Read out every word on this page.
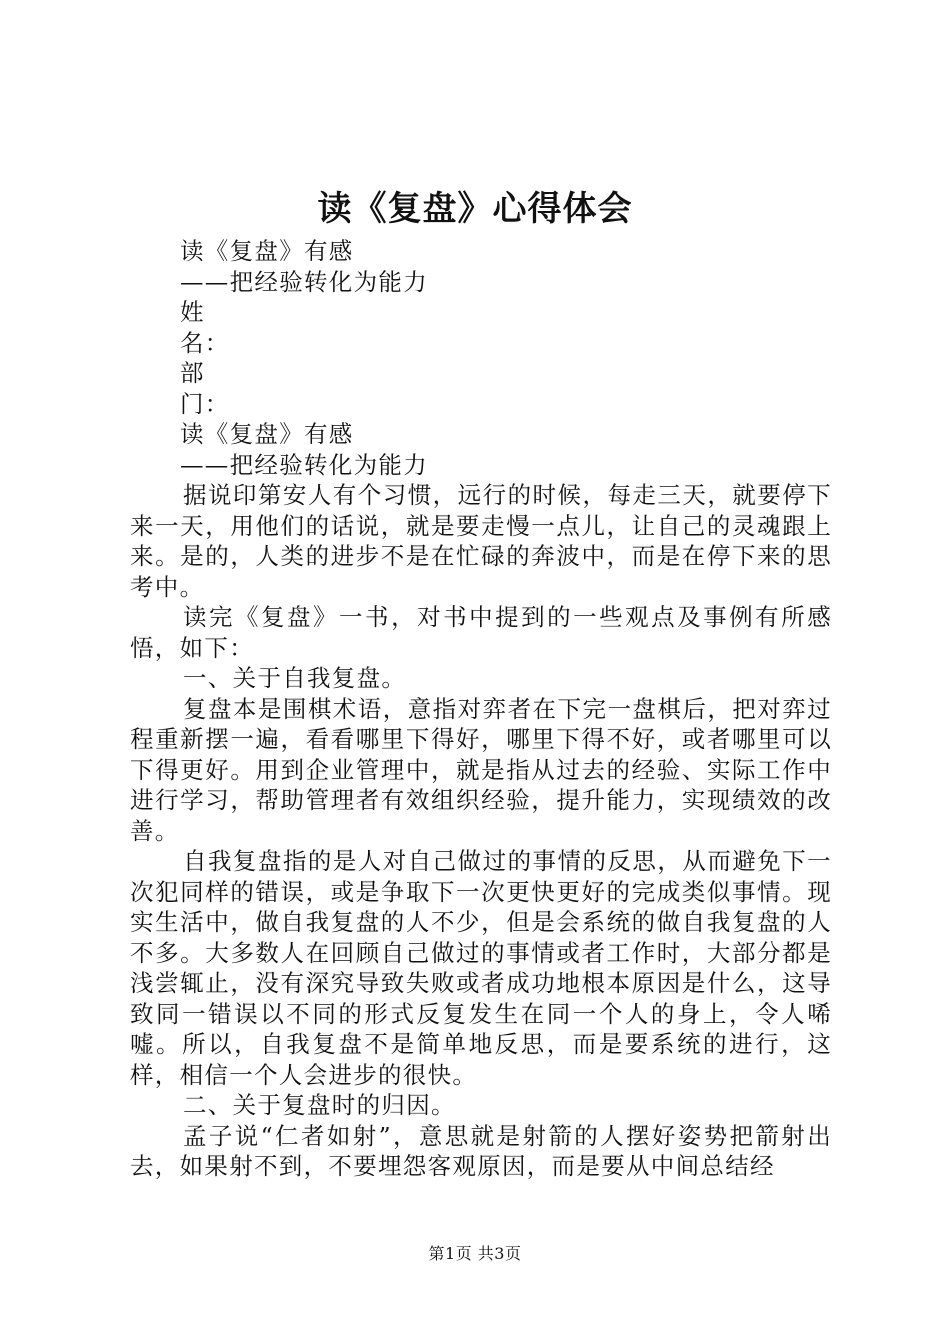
读《复盘》心得体会
读《复盘》有感
——把经验转化为能力
姓
名：
部
门：
读《复盘》有感
——把经验转化为能力

据说印第安人有个习惯，远行的时候，每走三天，就要停下来一天，用他们的话说，就是要走慢一点儿，让自己的灵魂跟上来。是的，人类的进步不是在忙碌的奔波中，而是在停下来的思考中。

读完《复盘》一书，对书中提到的一些观点及事例有所感悟，如下：

一、关于自我复盘。

复盘本是围棋术语，意指对弈者在下完一盘棋后，把对弈过程重新摆一遍，看看哪里下得好，哪里下得不好，或者哪里可以下得更好。用到企业管理中，就是指从过去的经验、实际工作中进行学习，帮助管理者有效组织经验，提升能力，实现绩效的改善。

自我复盘指的是人对自己做过的事情的反思，从而避免下一次犯同样的错误，或是争取下一次更快更好的完成类似事情。现实生活中，做自我复盘的人不少，但是会系统的做自我复盘的人不多。大多数人在回顾自己做过的事情或者工作时，大部分都是浅尝辄止，没有深究导致失败或者成功地根本原因是什么，这导致同一错误以不同的形式反复发生在同一个人的身上，令人唏嘘。所以，自我复盘不是简单地反思，而是要系统的进行，这样，相信一个人会进步的很快。

二、关于复盘时的归因。

孟子说“仁者如射”，意思就是射箭的人摆好姿势把箭射出去，如果射不到，不要埋怨客观原因，而是要从中间总结经

第1页 共3页
